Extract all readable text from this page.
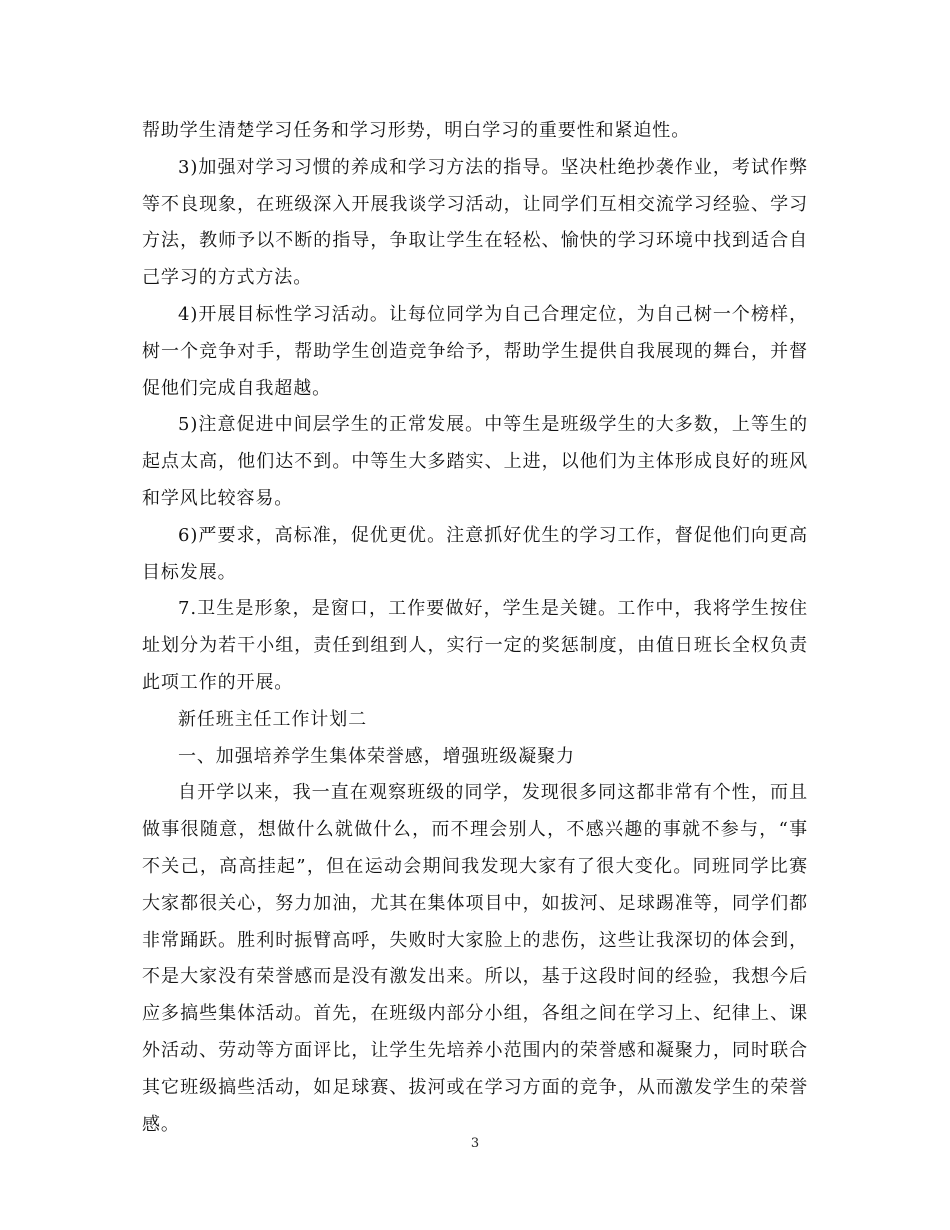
帮助学生清楚学习任务和学习形势，明白学习的重要性和紧迫性。

3)加强对学习习惯的养成和学习方法的指导。坚决杜绝抄袭作业，考试作弊等不良现象，在班级深入开展我谈学习活动，让同学们互相交流学习经验、学习方法，教师予以不断的指导，争取让学生在轻松、愉快的学习环境中找到适合自己学习的方式方法。

4)开展目标性学习活动。让每位同学为自己合理定位，为自己树一个榜样，树一个竞争对手，帮助学生创造竞争给予，帮助学生提供自我展现的舞台，并督促他们完成自我超越。

5)注意促进中间层学生的正常发展。中等生是班级学生的大多数，上等生的起点太高，他们达不到。中等生大多踏实、上进，以他们为主体形成良好的班风和学风比较容易。

6)严要求，高标准，促优更优。注意抓好优生的学习工作，督促他们向更高目标发展。

7.卫生是形象，是窗口，工作要做好，学生是关键。工作中，我将学生按住址划分为若干小组，责任到组到人，实行一定的奖惩制度，由值日班长全权负责此项工作的开展。

新任班主任工作计划二

一、加强培养学生集体荣誉感，增强班级凝聚力

自开学以来，我一直在观察班级的同学，发现很多同这都非常有个性，而且做事很随意，想做什么就做什么，而不理会别人，不感兴趣的事就不参与，“事不关己，高高挂起”，但在运动会期间我发现大家有了很大变化。同班同学比赛大家都很关心，努力加油，尤其在集体项目中，如拔河、足球踢准等，同学们都非常踊跃。胜利时振臂高呼，失败时大家脸上的悲伤，这些让我深切的体会到，不是大家没有荣誉感而是没有激发出来。所以，基于这段时间的经验，我想今后应多搞些集体活动。首先，在班级内部分小组，各组之间在学习上、纪律上、课外活动、劳动等方面评比，让学生先培养小范围内的荣誉感和凝聚力，同时联合其它班级搞些活动，如足球赛、拔河或在学习方面的竞争，从而激发学生的荣誉感。

3
